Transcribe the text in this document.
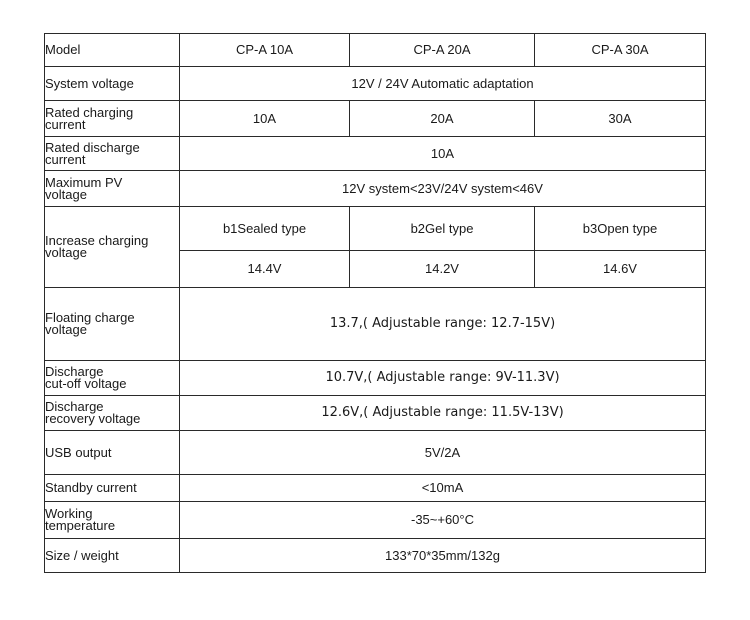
Model	CP-A 10A	CP-A 20A	CP-A 30A
System voltage	12V / 24V Automatic adaptation		
Rated charging
current	10A	20A	30A
Rated discharge
current	10A		
Maximum PV
voltage	12V system<23V/24V system<46V		
Increase charging
voltage	b1Sealed type	b2Gel type	b3Open type
	14.4V	14.2V	14.6V
Floating charge
voltage	13.7,( Adjustable range: 12.7-15V)		
Discharge
cut-off voltage	10.7V,( Adjustable range: 9V-11.3V)		
Discharge
recovery voltage	12.6V,( Adjustable range: 11.5V-13V)		
USB output	5V/2A		
Standby current	<10mA		
Working
temperature	-35~+60°C		
Size / weight	133*70*35mm/132g		
